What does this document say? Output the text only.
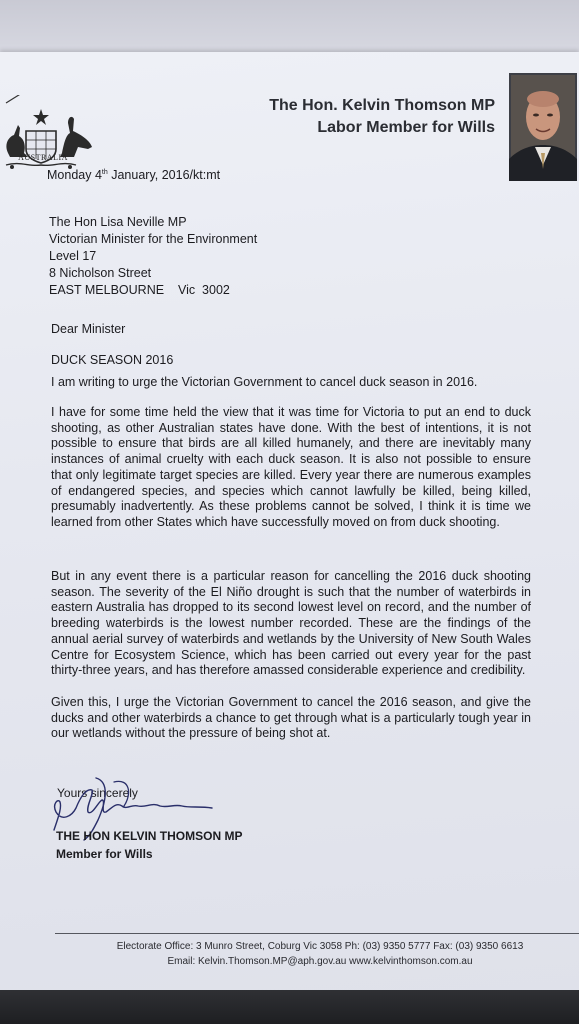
AUSTRALIA
The Hon. Kelvin Thomson MP
Labor Member for Wills
Monday 4th January, 2016/kt:mt
The Hon Lisa Neville MP
Victorian Minister for the Environment
Level 17
8 Nicholson Street
EAST MELBOURNE    Vic  3002
Dear Minister
DUCK SEASON 2016

I am writing to urge the Victorian Government to cancel duck season in 2016.

I have for some time held the view that it was time for Victoria to put an end to duck shooting, as other Australian states have done. With the best of intentions, it is not possible to ensure that birds are all killed humanely, and there are inevitably many instances of animal cruelty with each duck season. It is also not possible to ensure that only legitimate target species are killed. Every year there are numerous examples of endangered species, and species which cannot lawfully be killed, being killed, presumably inadvertently. As these problems cannot be solved, I think it is time we learned from other States which have successfully moved on from duck shooting.

But in any event there is a particular reason for cancelling the 2016 duck shooting season. The severity of the El Niño drought is such that the number of waterbirds in eastern Australia has dropped to its second lowest level on record, and the number of breeding waterbirds is the lowest number recorded. These are the findings of the annual aerial survey of waterbirds and wetlands by the University of New South Wales Centre for Ecosystem Science, which has been carried out every year for the past thirty-three years, and has therefore amassed considerable experience and credibility.

Given this, I urge the Victorian Government to cancel the 2016 season, and give the ducks and other waterbirds a chance to get through what is a particularly tough year in our wetlands without the pressure of being shot at.

Yours sincerely
THE HON KELVIN THOMSON MP
Member for Wills
Electorate Office: 3 Munro Street, Coburg Vic 3058 Ph: (03) 9350 5777 Fax: (03) 9350 6613
Email: Kelvin.Thomson.MP@aph.gov.au www.kelvinthomson.com.au
